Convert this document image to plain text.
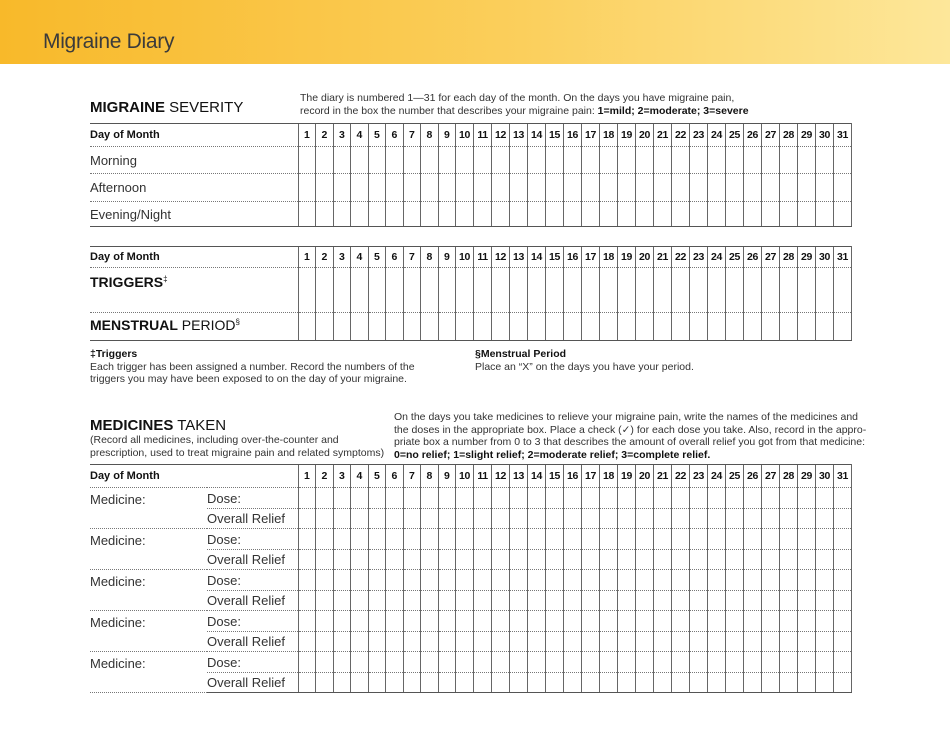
Migraine Diary
MIGRAINE SEVERITY
The diary is numbered 1—31 for each day of the month. On the days you have migraine pain,
record in the box the number that describes your migraine pain: 1=mild; 2=moderate; 3=severe
Day of Month	1	2	3	4	5	6	7	8	9	10	11	12	13	14	15	16	17	18	19	20	21	22	23	24	25	26	27	28	29	30	31
Morning																															
Afternoon																															
Evening/Night																															
Day of Month	1	2	3	4	5	6	7	8	9	10	11	12	13	14	15	16	17	18	19	20	21	22	23	24	25	26	27	28	29	30	31
TRIGGERS‡																															
MENSTRUAL PERIOD§																															
‡Triggers
Each trigger has been assigned a number. Record the numbers of the
triggers you may have been exposed to on the day of your migraine.
§Menstrual Period
Place an “X” on the days you have your period.
MEDICINES TAKEN
(Record all medicines, including over-the-counter and
prescription, used to treat migraine pain and related symptoms)
On the days you take medicines to relieve your migraine pain, write the names of the medicines and
the doses in the appropriate box. Place a check (✓) for each dose you take. Also, record in the appro-
priate box a number from 0 to 3 that describes the amount of overall relief you got from that medicine:
0=no relief; 1=slight relief; 2=moderate relief; 3=complete relief.
Day of Month		1	2	3	4	5	6	7	8	9	10	11	12	13	14	15	16	17	18	19	20	21	22	23	24	25	26	27	28	29	30	31
Medicine:	Dose:																															
	Overall Relief																															
Medicine:	Dose:																															
	Overall Relief																															
Medicine:	Dose:																															
	Overall Relief																															
Medicine:	Dose:																															
	Overall Relief																															
Medicine:	Dose:																															
	Overall Relief																															
